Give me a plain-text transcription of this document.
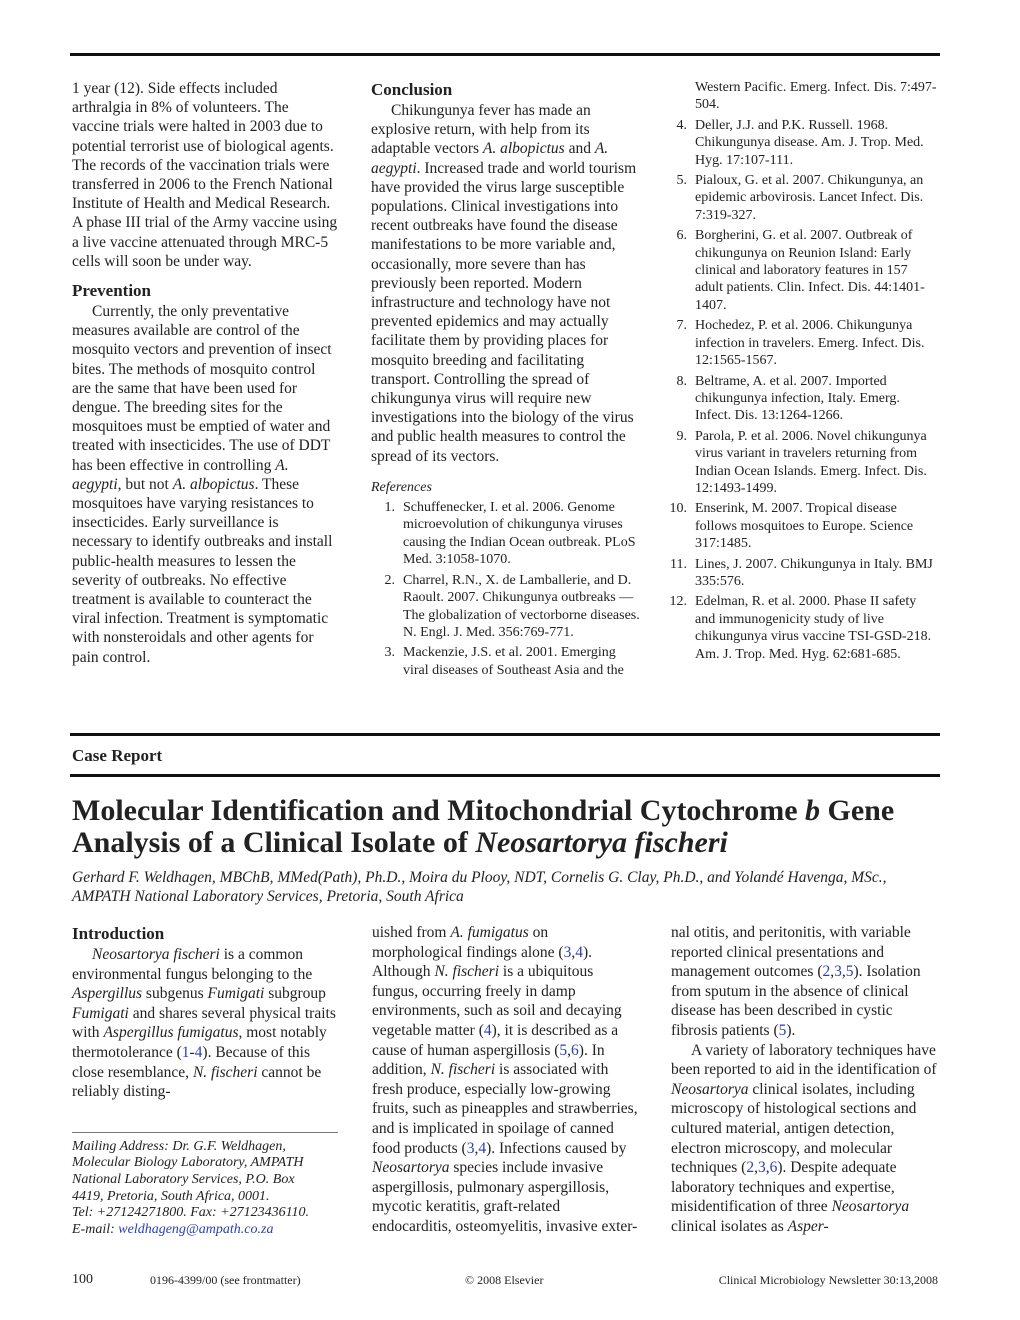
1 year (12). Side effects included arthralgia in 8% of volunteers. The vaccine trials were halted in 2003 due to potential terrorist use of biological agents. The records of the vaccination trials were transferred in 2006 to the French National Institute of Health and Medical Research. A phase III trial of the Army vaccine using a live vaccine attenuated through MRC-5 cells will soon be under way.

Prevention

Currently, the only preventative measures available are control of the mosquito vectors and prevention of insect bites. The methods of mosquito control are the same that have been used for dengue. The breeding sites for the mosquitoes must be emptied of water and treated with insecticides. The use of DDT has been effective in controlling A. aegypti, but not A. albopictus. These mosquitoes have varying resistances to insecticides. Early surveillance is necessary to identify outbreaks and install public-health measures to lessen the severity of outbreaks. No effective treatment is available to counteract the viral infection. Treatment is symptomatic with nonsteroidals and other agents for pain control.

Conclusion

Chikungunya fever has made an explosive return, with help from its adaptable vectors A. albopictus and A. aegypti. Increased trade and world tourism have provided the virus large susceptible populations. Clinical investigations into recent outbreaks have found the disease manifestations to be more variable and, occasionally, more severe than has previously been reported. Modern infrastructure and technology have not prevented epidemics and may actually facilitate them by providing places for mosquito breeding and facilitating transport. Controlling the spread of chikungunya virus will require new investigations into the biology of the virus and public health measures to control the spread of its vectors.

References
1. Schuffenecker, I. et al. 2006. Genome microevolution of chikungunya viruses causing the Indian Ocean outbreak. PLoS Med. 3:1058-1070.
2. Charrel, R.N., X. de Lamballerie, and D. Raoult. 2007. Chikungunya outbreaks — The globalization of vectorborne diseases. N. Engl. J. Med. 356:769-771.
3. Mackenzie, J.S. et al. 2001. Emerging viral diseases of Southeast Asia and the
Western Pacific. Emerg. Infect. Dis. 7:497-504.
4. Deller, J.J. and P.K. Russell. 1968. Chikungunya disease. Am. J. Trop. Med. Hyg. 17:107-111.
5. Pialoux, G. et al. 2007. Chikungunya, an epidemic arbovirosis. Lancet Infect. Dis. 7:319-327.
6. Borgherini, G. et al. 2007. Outbreak of chikungunya on Reunion Island: Early clinical and laboratory features in 157 adult patients. Clin. Infect. Dis. 44:1401-1407.
7. Hochedez, P. et al. 2006. Chikungunya infection in travelers. Emerg. Infect. Dis. 12:1565-1567.
8. Beltrame, A. et al. 2007. Imported chikungunya infection, Italy. Emerg. Infect. Dis. 13:1264-1266.
9. Parola, P. et al. 2006. Novel chikungunya virus variant in travelers returning from Indian Ocean Islands. Emerg. Infect. Dis. 12:1493-1499.
10. Enserink, M. 2007. Tropical disease follows mosquitoes to Europe. Science 317:1485.
11. Lines, J. 2007. Chikungunya in Italy. BMJ 335:576.
12. Edelman, R. et al. 2000. Phase II safety and immunogenicity study of live chikungunya virus vaccine TSI-GSD-218. Am. J. Trop. Med. Hyg. 62:681-685.
Case Report
Molecular Identification and Mitochondrial Cytochrome b Gene Analysis of a Clinical Isolate of Neosartorya fischeri
Gerhard F. Weldhagen, MBChB, MMed(Path), Ph.D., Moira du Plooy, NDT, Cornelis G. Clay, Ph.D., and Yolandé Havenga, MSc.,
AMPATH National Laboratory Services, Pretoria, South Africa
Introduction

Neosartorya fischeri is a common environmental fungus belonging to the Aspergillus subgenus Fumigati subgroup Fumigati and shares several physical traits with Aspergillus fumigatus, most notably thermotolerance (1-4). Because of this close resemblance, N. fischeri cannot be reliably disting-

Mailing Address: Dr. G.F. Weldhagen,
Molecular Biology Laboratory, AMPATH
National Laboratory Services, P.O. Box
4419, Pretoria, South Africa, 0001.
Tel: +27124271800. Fax: +27123436110.
E-mail: weldhageng@ampath.co.za

uished from A. fumigatus on morphological findings alone (3,4). Although N. fischeri is a ubiquitous fungus, occurring freely in damp environments, such as soil and decaying vegetable matter (4), it is described as a cause of human aspergillosis (5,6). In addition, N. fischeri is associated with fresh produce, especially low-growing fruits, such as pineapples and strawberries, and is implicated in spoilage of canned food products (3,4). Infections caused by Neosartorya species include invasive aspergillosis, pulmonary aspergillosis, mycotic keratitis, graft-related endocarditis, osteomyelitis, invasive exter-

nal otitis, and peritonitis, with variable reported clinical presentations and management outcomes (2,3,5). Isolation from sputum in the absence of clinical disease has been described in cystic fibrosis patients (5).

A variety of laboratory techniques have been reported to aid in the identification of Neosartorya clinical isolates, including microscopy of histological sections and cultured material, antigen detection, electron microscopy, and molecular techniques (2,3,6). Despite adequate laboratory techniques and expertise, misidentification of three Neosartorya clinical isolates as Asper-

100	0196-4399/00 (see frontmatter)	© 2008 Elsevier	Clinical Microbiology Newsletter 30:13,2008
